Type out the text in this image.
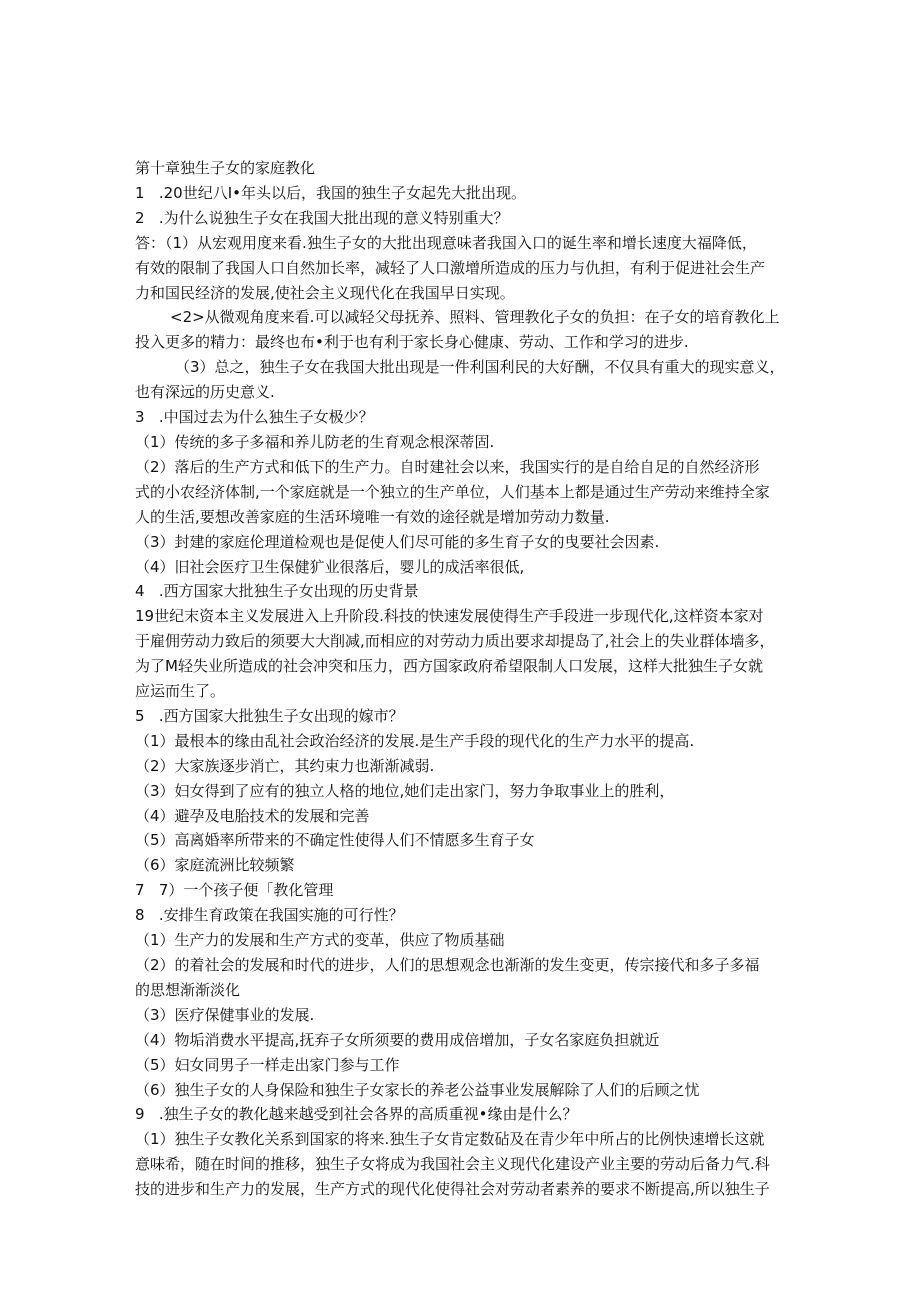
第十章独生子女的家庭教化
1   .20世纪八I•年头以后，我国的独生子女起先大批出现。
2   .为什么说独生子女在我国大批出现的意义特别重大？
答：（1）从宏观用度来看.独生子女的大批出现意味者我国入口的诞生率和增长速度大福降低，
有效的限制了我国人口自然加长率，减轻了人口激增所造成的压力与仇担，有利于促进社会生产
力和国民经济的发展,使社会主义现代化在我国早日实现。
<2>从微观角度来看.可以减轻父母抚养、照料、管理教化子女的负担：在子女的培育教化上
投入更多的精力：最终也布•利于也有利于家长身心健康、劳动、工作和学习的进步.
（3）总之，独生子女在我国大批出现是一件利国利民的大好酬，不仅具有重大的现实意义，
也有深远的历史意义.
3   .中国过去为什么独生子女极少？
（1）传统的多子多福和养儿防老的生育观念根深蒂固.
（2）落后的生产方式和低下的生产力。自时建社会以来，我国实行的是自给自足的自然经济形
式的小农经济体制,一个家庭就是一个独立的生产单位，人们基本上都是通过生产劳动来维持全家
人的生活,要想改善家庭的生活环境唯一有效的途径就是增加劳动力数量.
（3）封建的家庭伦理道检观也是促使人们尽可能的多生育子女的曳要社会因素.
（4）旧社会医疗卫生保健犷业很落后，婴儿的成活率很低,
4   .西方国家大批独生子女出现的历史背景
19世纪末资本主义发展进入上升阶段.科技的快速发展使得生产手段进一步现代化,这样资本家对
于雇佣劳动力致后的须要大大削减,而相应的对劳动力质出要求却提岛了,社会上的失业群体墙多，
为了M轻失业所造成的社会冲突和压力，西方国家政府希望限制人口发展，这样大批独生子女就
应运而生了。
5   .西方国家大批独生子女出现的嫁市？
（1）最根本的缘由乱社会政治经济的发展.是生产手段的现代化的生产力水平的提高.
（2）大家族逐步消亡，其约束力也渐渐减弱.
（3）妇女得到了应有的独立人格的地位,她们走出家门，努力争取事业上的胜利，
（4）避孕及电胎技术的发展和完善
（5）高离婚率所带来的不确定性使得人们不情愿多生育子女
（6）家庭流洲比较频繁
7   7）一个孩子便「教化管理
8   .安排生育政策在我国实施的可行性？
（1）生产力的发展和生产方式的变革，供应了物质基础
（2）的着社会的发展和时代的进步，人们的思想观念也渐渐的发生变更，传宗接代和多子多福
的思想渐渐淡化
（3）医疗保健事业的发展.
（4）物垢消费水平提高,抚弃子女所须要的费用成倍增加，子女名家庭负担就近
（5）妇女同男子一样走出家门参与工作
（6）独生子女的人身保险和独生子女家长的养老公益事业发展解除了人们的后顾之忧
9   .独生子女的教化越来越受到社会各界的高质重视•缘由是什么？
（1）独生子女教化关系到国家的将来.独生子女肯定数砧及在青少年中所占的比例快速增长这就
意味希，随在时间的推移，独生子女将成为我国社会主义现代化建设产业主要的劳动后备力气.科
技的进步和生产力的发展，生产方式的现代化使得社会对劳动者素养的要求不断提高,所以独生子
